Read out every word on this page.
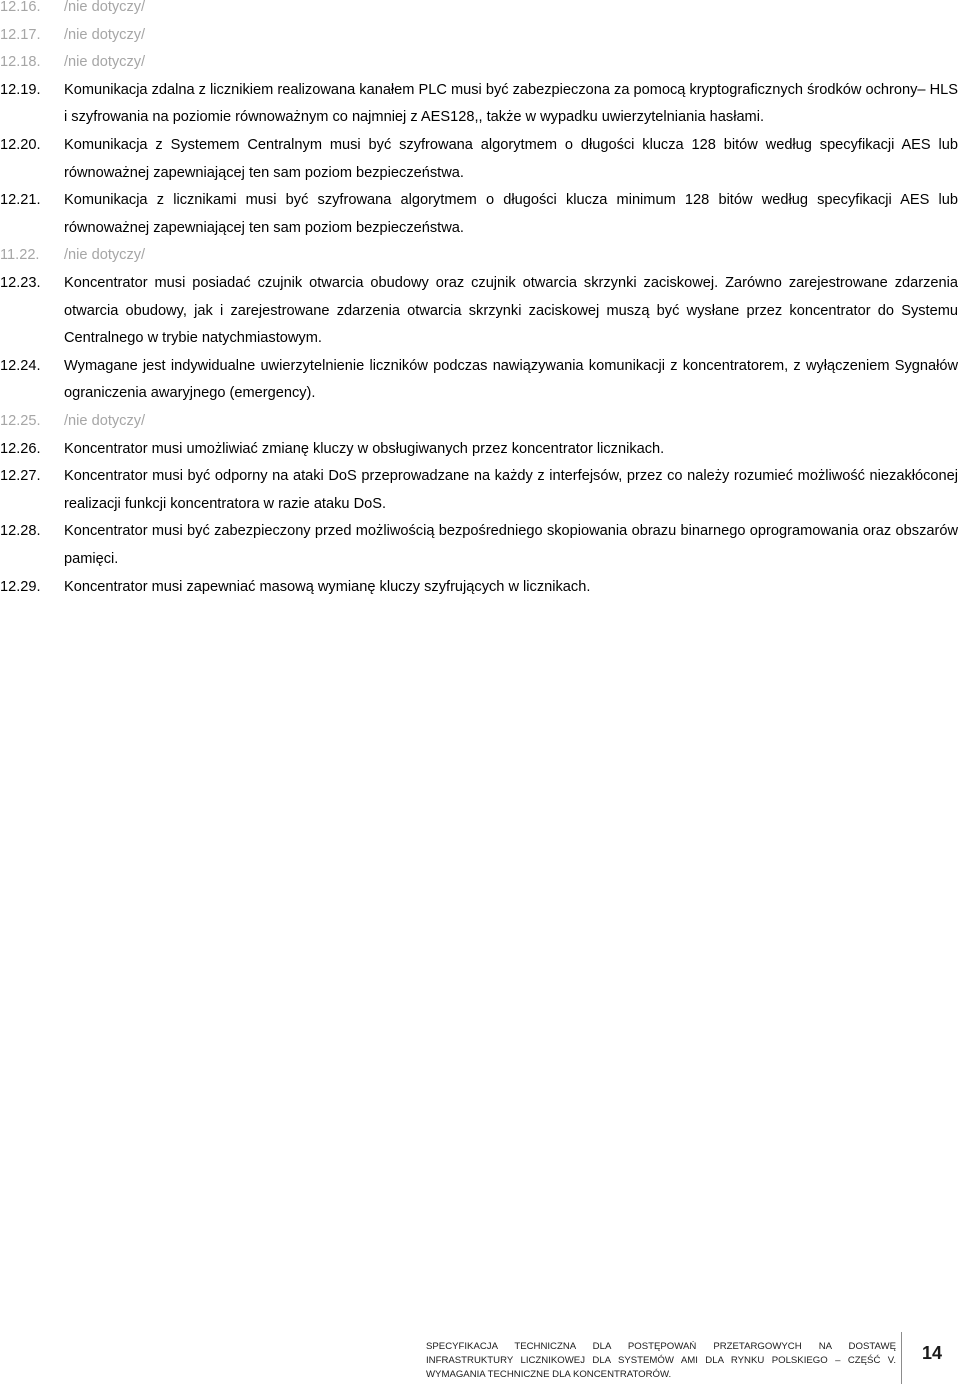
12.16.	/nie dotyczy/
12.17.	/nie dotyczy/
12.18.	/nie dotyczy/
12.19.	Komunikacja zdalna z licznikiem realizowana kanałem PLC musi być zabezpieczona za pomocą kryptograficznych środków ochrony– HLS i szyfrowania na poziomie równoważnym co najmniej z AES128,, także w wypadku uwierzytelniania hasłami.
12.20.	Komunikacja z Systemem Centralnym musi być szyfrowana algorytmem o długości klucza 128 bitów według specyfikacji AES lub równoważnej zapewniającej ten sam poziom bezpieczeństwa.
12.21.	Komunikacja z licznikami musi być szyfrowana algorytmem o długości klucza minimum 128 bitów według specyfikacji AES lub równoważnej zapewniającej ten sam poziom bezpieczeństwa.
11.22.	/nie dotyczy/
12.23.	Koncentrator musi posiadać czujnik otwarcia obudowy oraz czujnik otwarcia skrzynki zaciskowej. Zarówno zarejestrowane zdarzenia otwarcia obudowy, jak i zarejestrowane zdarzenia otwarcia skrzynki zaciskowej muszą być wysłane przez koncentrator do Systemu Centralnego w trybie natychmiastowym.
12.24.	Wymagane jest indywidualne uwierzytelnienie liczników podczas nawiązywania komunikacji z koncentratorem, z wyłączeniem Sygnałów ograniczenia awaryjnego (emergency).
12.25.	/nie dotyczy/
12.26.	Koncentrator musi umożliwiać zmianę kluczy w obsługiwanych przez koncentrator licznikach.
12.27.	Koncentrator musi być odporny na ataki DoS przeprowadzane na każdy z interfejsów, przez co należy rozumieć możliwość niezakłóconej realizacji funkcji koncentratora w razie ataku DoS.
12.28.	Koncentrator musi być zabezpieczony przed możliwością bezpośredniego skopiowania obrazu binarnego oprogramowania oraz obszarów pamięci.
12.29.	Koncentrator musi zapewniać masową wymianę kluczy szyfrujących w licznikach.
SPECYFIKACJA TECHNICZNA DLA POSTĘPOWAŃ PRZETARGOWYCH NA DOSTAWĘ INFRASTRUKTURY LICZNIKOWEJ DLA SYSTEMÓW AMI DLA RYNKU POLSKIEGO – CZĘŚĆ V. WYMAGANIA TECHNICZNE DLA KONCENTRATORÓW.
14
